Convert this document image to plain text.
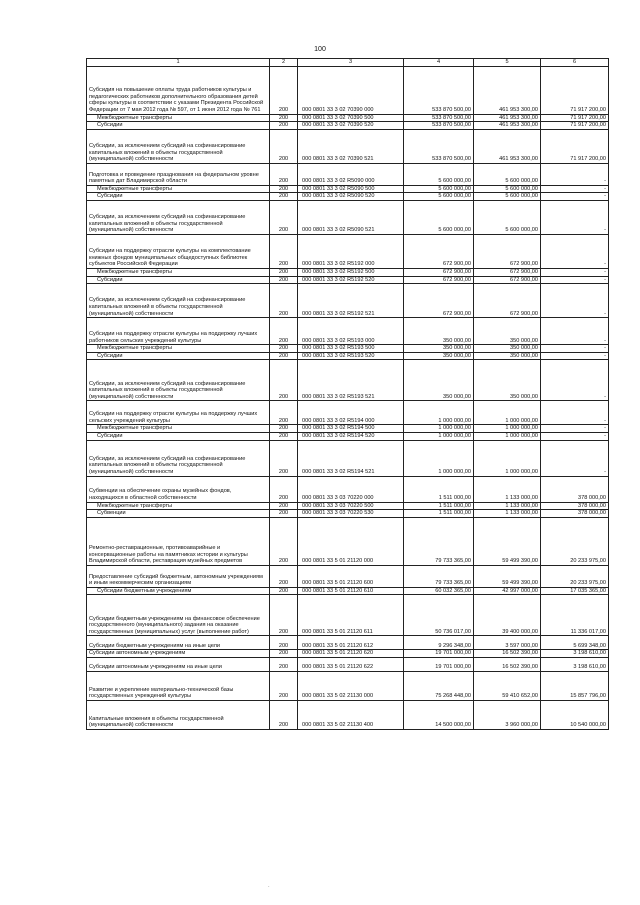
100
1	2	3	4	5	6
Субсидия на повышение оплаты труда работников культуры и педагогических работников дополнительного образования детей сферы культуры в соответствии с указами Президента Российской Федерации от 7 мая 2012 года № 597, от 1 июня 2012 года № 761	200	000 0801 33 3 02 70390 000	533 870 500,00	461 953 300,00	71 917 200,00
Межбюджетные трансферты	200	000 0801 33 3 02 70390 500	533 870 500,00	461 953 300,00	71 917 200,00
Субсидии	200	000 0801 33 3 02 70390 520	533 870 500,00	461 953 300,00	71 917 200,00
Субсидии, за исключением субсидий на софинансирование капитальных вложений в объекты государственной (муниципальной) собственности	200	000 0801 33 3 02 70390 521	533 870 500,00	461 953 300,00	71 917 200,00
Подготовка и проведение празднования на федеральном уровне памятных дат Владимирской области	200	000 0801 33 3 02 R5090 000	5 600 000,00	5 600 000,00	-
Межбюджетные трансферты	200	000 0801 33 3 02 R5090 500	5 600 000,00	5 600 000,00	-
Субсидии	200	000 0801 33 3 02 R5090 520	5 600 000,00	5 600 000,00	-
Субсидии, за исключением субсидий на софинансирование капитальных вложений в объекты государственной (муниципальной) собственности	200	000 0801 33 3 02 R5090 521	5 600 000,00	5 600 000,00	-
Субсидии на поддержку отрасли культуры на комплектование книжных фондов муниципальных общедоступных библиотек субъектов Российской Федерации	200	000 0801 33 3 02 R5192 000	672 900,00	672 900,00	-
Межбюджетные трансферты	200	000 0801 33 3 02 R5192 500	672 900,00	672 900,00	-
Субсидии	200	000 0801 33 3 02 R5192 520	672 900,00	672 900,00	-
Субсидии, за исключением субсидий на софинансирование капитальных вложений в объекты государственной (муниципальной) собственности	200	000 0801 33 3 02 R5192 521	672 900,00	672 900,00	-
Субсидии на поддержку отрасли культуры на поддержку лучших работников сельских учреждений культуры	200	000 0801 33 3 02 R5193 000	350 000,00	350 000,00	-
Межбюджетные трансферты	200	000 0801 33 3 02 R5193 500	350 000,00	350 000,00	-
Субсидии	200	000 0801 33 3 02 R5193 520	350 000,00	350 000,00	-
Субсидии, за исключением субсидий на софинансирование капитальных вложений в объекты государственной (муниципальной) собственности	200	000 0801 33 3 02 R5193 521	350 000,00	350 000,00	-
Субсидии на поддержку отрасли культуры на поддержку лучших сельских учреждений культуры	200	000 0801 33 3 02 R5194 000	1 000 000,00	1 000 000,00	-
Межбюджетные трансферты	200	000 0801 33 3 02 R5194 500	1 000 000,00	1 000 000,00	-
Субсидии	200	000 0801 33 3 02 R5194 520	1 000 000,00	1 000 000,00	-
Субсидии, за исключением субсидий на софинансирование капитальных вложений в объекты государственной (муниципальной) собственности	200	000 0801 33 3 02 R5194 521	1 000 000,00	1 000 000,00	-
Субвенции на обеспечение охраны музейных фондов, находящихся в областной собственности	200	000 0801 33 3 03 70220 000	1 511 000,00	1 133 000,00	378 000,00
Межбюджетные трансферты	200	000 0801 33 3 03 70220 500	1 511 000,00	1 133 000,00	378 000,00
Субвенции	200	000 0801 33 3 03 70220 530	1 511 000,00	1 133 000,00	378 000,00
Ремонтно-реставрационные, противоаварийные и консервационные работы на памятниках истории и культуры Владимирской области, реставрация музейных предметов	200	000 0801 33 5 01 21120 000	79 733 365,00	59 499 390,00	20 233 975,00
Предоставление субсидий бюджетным, автономным учреждениям и иным некоммерческим организациям	200	000 0801 33 5 01 21120 600	79 733 365,00	59 499 390,00	20 233 975,00
Субсидии бюджетным учреждениям	200	000 0801 33 5 01 21120 610	60 032 365,00	42 997 000,00	17 035 365,00
Субсидии бюджетным учреждениям на финансовое обеспечение государственного (муниципального) задания на оказание государственных (муниципальных) услуг (выполнение работ)	200	000 0801 33 5 01 21120 611	50 736 017,00	39 400 000,00	11 336 017,00
Субсидии бюджетным учреждениям на иные цели	200	000 0801 33 5 01 21120 612	9 296 348,00	3 597 000,00	5 699 348,00
Субсидии автономным учреждениям	200	000 0801 33 5 01 21120 620	19 701 000,00	16 502 390,00	3 198 610,00
Субсидии автономным учреждениям на иные цели	200	000 0801 33 5 01 21120 622	19 701 000,00	16 502 390,00	3 198 610,00
Развитие и укрепление материально-технической базы государственных учреждений культуры	200	000 0801 33 5 02 21130 000	75 268 448,00	59 410 652,00	15 857 796,00
Капитальные вложения в объекты государственной (муниципальной) собственности	200	000 0801 33 5 02 21130 400	14 500 000,00	3 960 000,00	10 540 000,00
·
